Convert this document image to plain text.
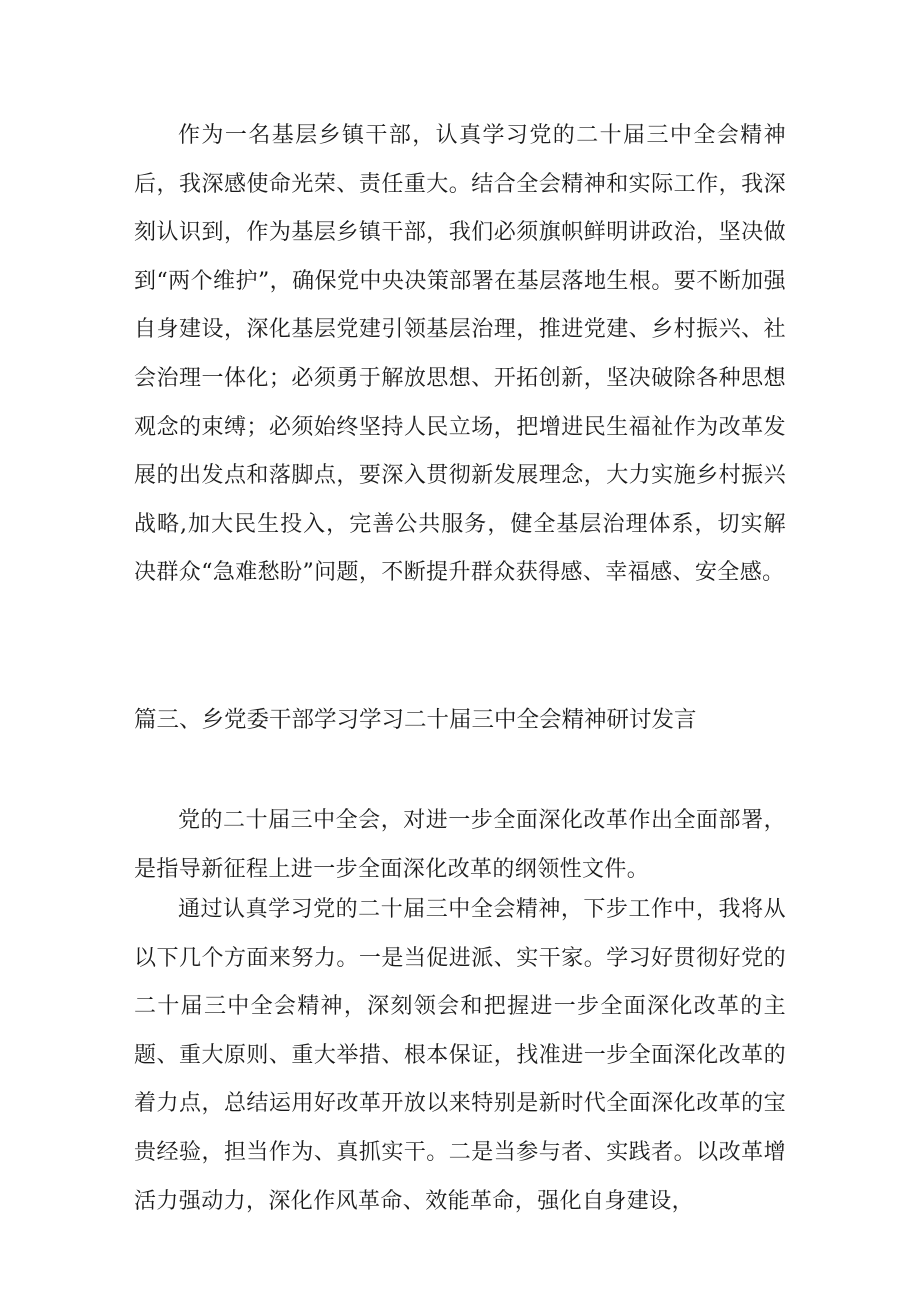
作为一名基层乡镇干部，认真学习党的二十届三中全会精神后，我深感使命光荣、责任重大。结合全会精神和实际工作，我深刻认识到，作为基层乡镇干部，我们必须旗帜鲜明讲政治，坚决做到“两个维护”，确保党中央决策部署在基层落地生根。要不断加强自身建设，深化基层党建引领基层治理，推进党建、乡村振兴、社会治理一体化；必须勇于解放思想、开拓创新，坚决破除各种思想观念的束缚；必须始终坚持人民立场，把增进民生福祉作为改革发展的出发点和落脚点，要深入贯彻新发展理念，大力实施乡村振兴战略,加大民生投入，完善公共服务，健全基层治理体系，切实解决群众“急难愁盼”问题，不断提升群众获得感、幸福感、安全感。

篇三、乡党委干部学习学习二十届三中全会精神研讨发言

党的二十届三中全会，对进一步全面深化改革作出全面部署，是指导新征程上进一步全面深化改革的纲领性文件。

通过认真学习党的二十届三中全会精神，下步工作中，我将从以下几个方面来努力。一是当促进派、实干家。学习好贯彻好党的二十届三中全会精神，深刻领会和把握进一步全面深化改革的主题、重大原则、重大举措、根本保证，找准进一步全面深化改革的着力点，总结运用好改革开放以来特别是新时代全面深化改革的宝贵经验，担当作为、真抓实干。二是当参与者、实践者。以改革增活力强动力，深化作风革命、效能革命，强化自身建设，
